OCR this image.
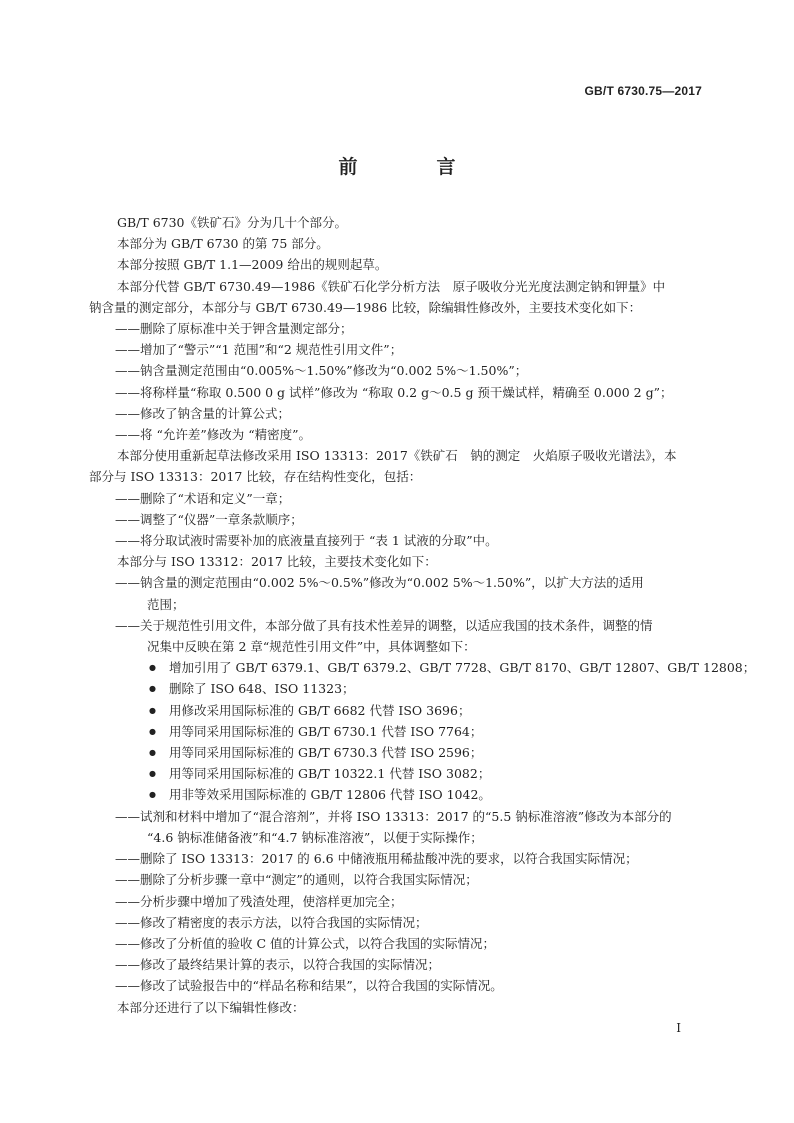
GB/T 6730.75—2017
前　言

GB/T 6730《铁矿石》分为几十个部分。

本部分为 GB/T 6730 的第 75 部分。

本部分按照 GB/T 1.1—2009 给出的规则起草。

本部分代替 GB/T 6730.49—1986《铁矿石化学分析方法　原子吸收分光光度法测定钠和钾量》中

钠含量的测定部分，本部分与 GB/T 6730.49—1986 比较，除编辑性修改外，主要技术变化如下：

——删除了原标准中关于钾含量测定部分；

——增加了“警示”“1 范围”和“2 规范性引用文件”；

——钠含量测定范围由“0.005%～1.50%”修改为“0.002 5%～1.50%”；

——将称样量“称取 0.500 0 g 试样”修改为 “称取 0.2 g～0.5 g 预干燥试样，精确至 0.000 2 g”；

——修改了钠含量的计算公式；

——将 “允许差”修改为 “精密度”。

本部分使用重新起草法修改采用 ISO 13313：2017《铁矿石　钠的测定　火焰原子吸收光谱法》，本

部分与 ISO 13313：2017 比较，存在结构性变化，包括：

——删除了“术语和定义”一章；

——调整了“仪器”一章条款顺序；

——将分取试液时需要补加的底液量直接列于 “表 1 试液的分取”中。

本部分与 ISO 13312：2017 比较，主要技术变化如下：

——钠含量的测定范围由“0.002 5%～0.5%”修改为“0.002 5%～1.50%”，以扩大方法的适用

范围；

——关于规范性引用文件，本部分做了具有技术性差异的调整，以适应我国的技术条件，调整的情

况集中反映在第 2 章“规范性引用文件”中，具体调整如下：

● 增加引用了 GB/T 6379.1、GB/T 6379.2、GB/T 7728、GB/T 8170、GB/T 12807、GB/T 12808；

● 删除了 ISO 648、ISO 11323；

● 用修改采用国际标准的 GB/T 6682 代替 ISO 3696；

● 用等同采用国际标准的 GB/T 6730.1 代替 ISO 7764；

● 用等同采用国际标准的 GB/T 6730.3 代替 ISO 2596；

● 用等同采用国际标准的 GB/T 10322.1 代替 ISO 3082；

● 用非等效采用国际标准的 GB/T 12806 代替 ISO 1042。

——试剂和材料中增加了“混合溶剂”，并将 ISO 13313：2017 的“5.5 钠标准溶液”修改为本部分的

“4.6 钠标准储备液”和“4.7 钠标准溶液”，以便于实际操作；

——删除了 ISO 13313：2017 的 6.6 中储液瓶用稀盐酸冲洗的要求，以符合我国实际情况；

——删除了分析步骤一章中“测定”的通则，以符合我国实际情况；

——分析步骤中增加了残渣处理，使溶样更加完全；

——修改了精密度的表示方法，以符合我国的实际情况；

——修改了分析值的验收 C 值的计算公式，以符合我国的实际情况；

——修改了最终结果计算的表示，以符合我国的实际情况；

——修改了试验报告中的“样品名称和结果”，以符合我国的实际情况。

本部分还进行了以下编辑性修改：

I
